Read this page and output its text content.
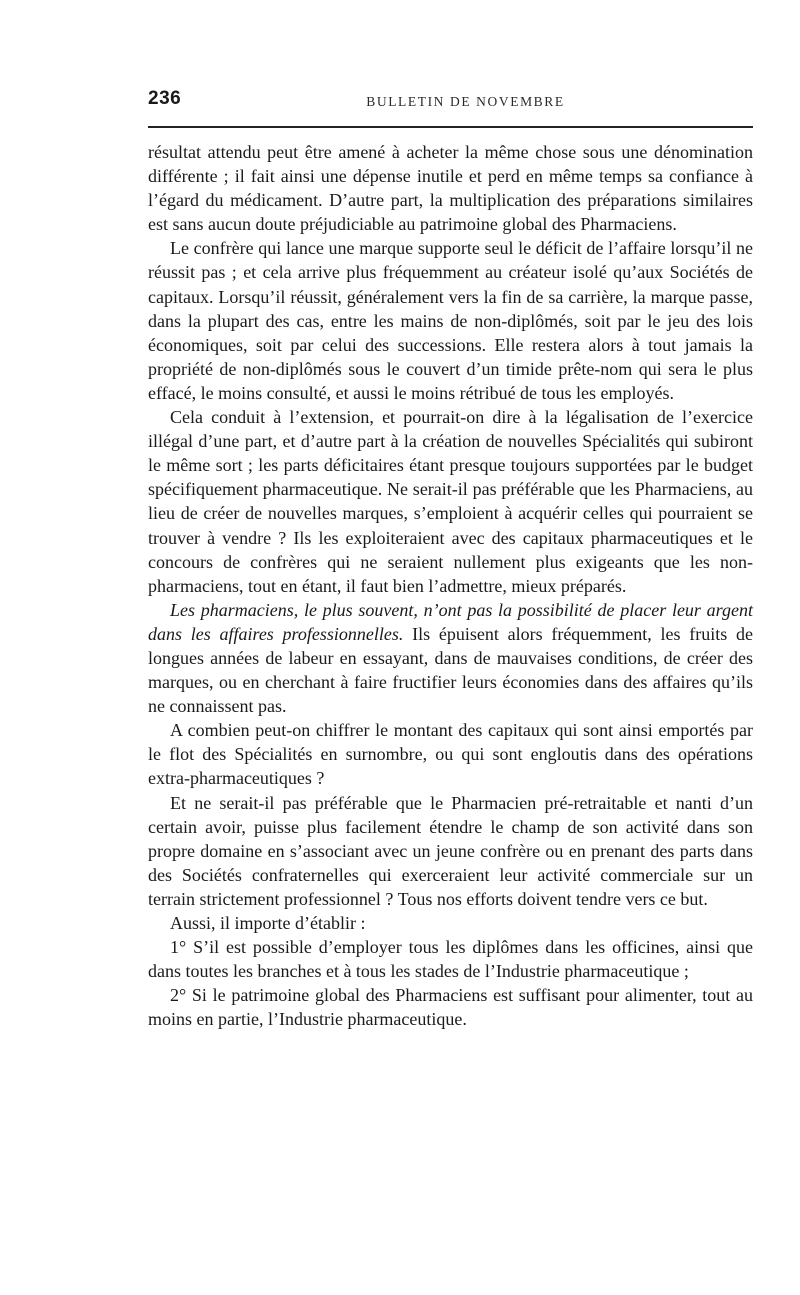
236	BULLETIN DE NOVEMBRE

résultat attendu peut être amené à acheter la même chose sous une dénomination différente ; il fait ainsi une dépense inutile et perd en même temps sa confiance à l’égard du médicament. D’autre part, la multiplication des préparations similaires est sans aucun doute préjudiciable au patrimoine global des Pharmaciens.

Le confrère qui lance une marque supporte seul le déficit de l’affaire lorsqu’il ne réussit pas ; et cela arrive plus fréquemment au créateur isolé qu’aux Sociétés de capitaux. Lorsqu’il réussit, généralement vers la fin de sa carrière, la marque passe, dans la plupart des cas, entre les mains de non-diplômés, soit par le jeu des lois économiques, soit par celui des successions. Elle restera alors à tout jamais la propriété de non-diplômés sous le couvert d’un timide prête-nom qui sera le plus effacé, le moins consulté, et aussi le moins rétribué de tous les employés.

Cela conduit à l’extension, et pourrait-on dire à la légalisation de l’exercice illégal d’une part, et d’autre part à la création de nouvelles Spécialités qui subiront le même sort ; les parts déficitaires étant presque toujours supportées par le budget spécifiquement pharmaceutique. Ne serait-il pas préférable que les Pharmaciens, au lieu de créer de nouvelles marques, s’emploient à acquérir celles qui pourraient se trouver à vendre ? Ils les exploiteraient avec des capitaux pharmaceutiques et le concours de confrères qui ne seraient nullement plus exigeants que les non-pharmaciens, tout en étant, il faut bien l’admettre, mieux préparés.

Les pharmaciens, le plus souvent, n’ont pas la possibilité de placer leur argent dans les affaires professionnelles. Ils épuisent alors fréquemment, les fruits de longues années de labeur en essayant, dans de mauvaises conditions, de créer des marques, ou en cherchant à faire fructifier leurs économies dans des affaires qu’ils ne connaissent pas.

A combien peut-on chiffrer le montant des capitaux qui sont ainsi emportés par le flot des Spécialités en surnombre, ou qui sont engloutis dans des opérations extra-pharmaceutiques ?

Et ne serait-il pas préférable que le Pharmacien pré-retraitable et nanti d’un certain avoir, puisse plus facilement étendre le champ de son activité dans son propre domaine en s’associant avec un jeune confrère ou en prenant des parts dans des Sociétés confraternelles qui exerceraient leur activité commerciale sur un terrain strictement professionnel ? Tous nos efforts doivent tendre vers ce but.

Aussi, il importe d’établir :

1° S’il est possible d’employer tous les diplômes dans les officines, ainsi que dans toutes les branches et à tous les stades de l’Industrie pharmaceutique ;

2° Si le patrimoine global des Pharmaciens est suffisant pour alimenter, tout au moins en partie, l’Industrie pharmaceutique.
